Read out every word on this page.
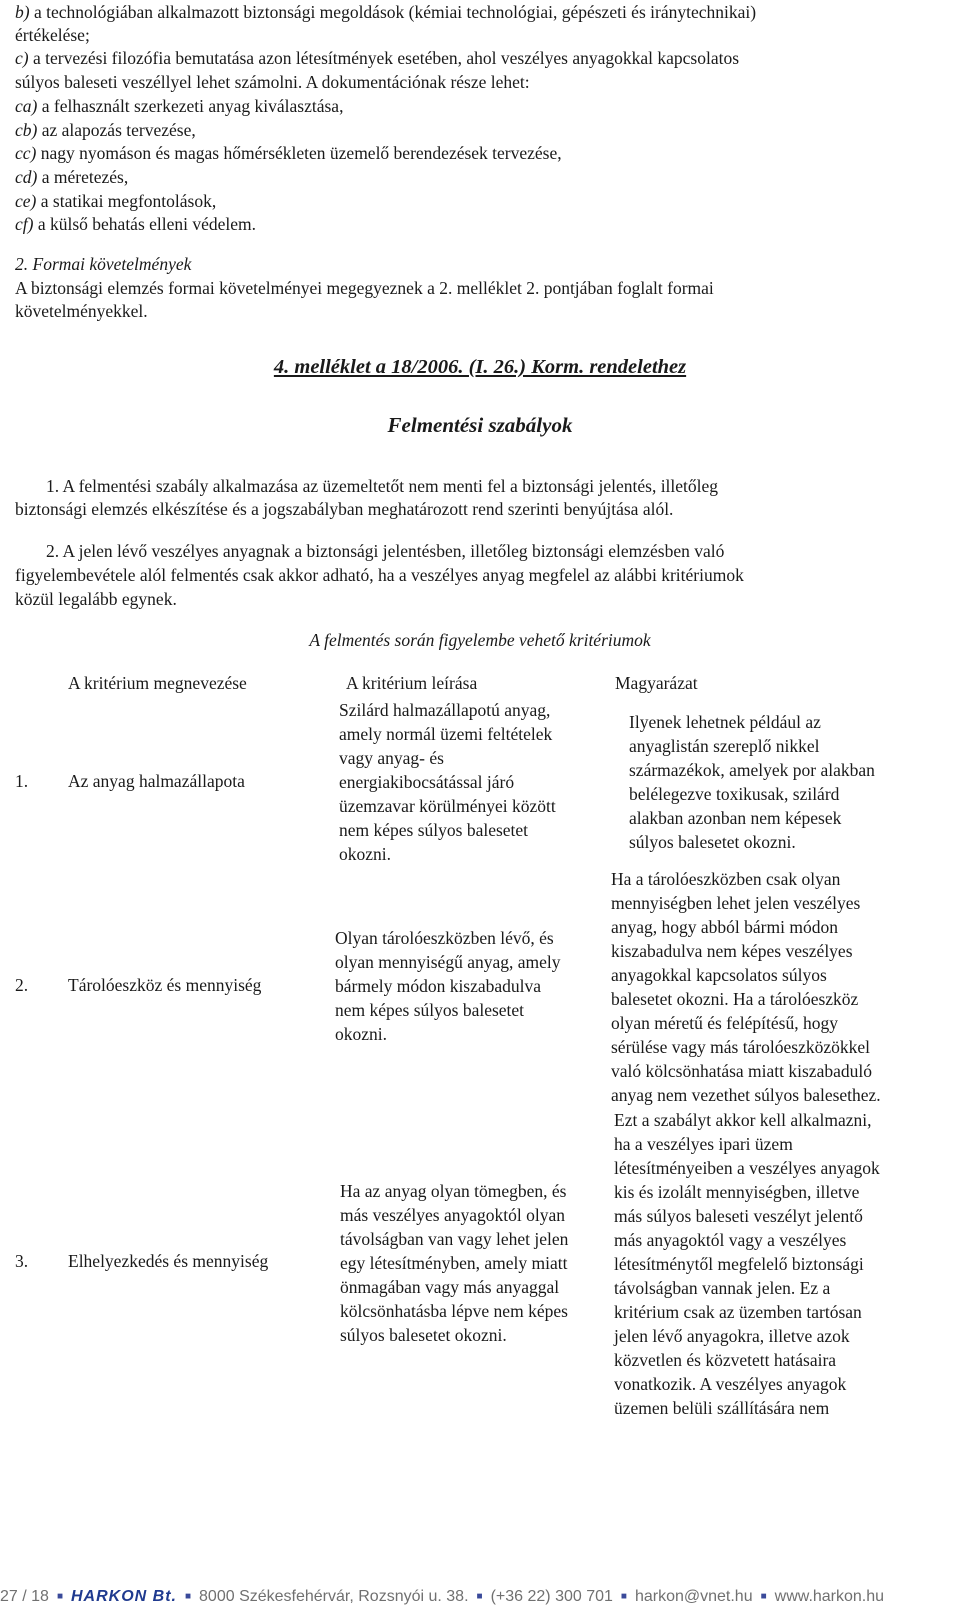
b) a technológiában alkalmazott biztonsági megoldások (kémiai technológiai, gépészeti és iránytechnikai)
értékelése;
c) a tervezési filozófia bemutatása azon létesítmények esetében, ahol veszélyes anyagokkal kapcsolatos
súlyos baleseti veszéllyel lehet számolni. A dokumentációnak része lehet:
ca) a felhasznált szerkezeti anyag kiválasztása,
cb) az alapozás tervezése,
cc) nagy nyomáson és magas hőmérsékleten üzemelő berendezések tervezése,
cd) a méretezés,
ce) a statikai megfontolások,
cf) a külső behatás elleni védelem.
2. Formai követelmények
A biztonsági elemzés formai követelményei megegyeznek a 2. melléklet 2. pontjában foglalt formai
követelményekkel.
4. melléklet a 18/2006. (I. 26.) Korm. rendelethez
Felmentési szabályok
1. A felmentési szabály alkalmazása az üzemeltetőt nem menti fel a biztonsági jelentés, illetőleg
biztonsági elemzés elkészítése és a jogszabályban meghatározott rend szerinti benyújtása alól.
2. A jelen lévő veszélyes anyagnak a biztonsági jelentésben, illetőleg biztonsági elemzésben való
figyelembevétele alól felmentés csak akkor adható, ha a veszélyes anyag megfelel az alábbi kritériumok
közül legalább egynek.
A felmentés során figyelembe vehető kritériumok
A kritérium megnevezése	A kritérium leírása	Magyarázat
1. Az anyag halmazállapota
Szilárd halmazállapotú anyag,
amely normál üzemi feltételek
vagy anyag- és
energiakibocsátással járó
üzemzavar körülményei között
nem képes súlyos balesetet
okozni.
Ilyenek lehetnek például az
anyaglistán szereplő nikkel
származékok, amelyek por alakban
belélegezve toxikusak, szilárd
alakban azonban nem képesek
súlyos balesetet okozni.
2. Tárolóeszköz és mennyiség
Olyan tárolóeszközben lévő, és
olyan mennyiségű anyag, amely
bármely módon kiszabadulva
nem képes súlyos balesetet
okozni.
Ha a tárolóeszközben csak olyan
mennyiségben lehet jelen veszélyes
anyag, hogy abból bármi módon
kiszabadulva nem képes veszélyes
anyagokkal kapcsolatos súlyos
balesetet okozni. Ha a tárolóeszköz
olyan méretű és felépítésű, hogy
sérülése vagy más tárolóeszközökkel
való kölcsönhatása miatt kiszabaduló
anyag nem vezethet súlyos balesethez.
3. Elhelyezkedés és mennyiség
Ha az anyag olyan tömegben, és
más veszélyes anyagoktól olyan
távolságban van vagy lehet jelen
egy létesítményben, amely miatt
önmagában vagy más anyaggal
kölcsönhatásba lépve nem képes
súlyos balesetet okozni.
Ezt a szabályt akkor kell alkalmazni,
ha a veszélyes ipari üzem
létesítményeiben a veszélyes anyagok
kis és izolált mennyiségben, illetve
más súlyos baleseti veszélyt jelentő
más anyagoktól vagy a veszélyes
létesítménytől megfelelő biztonsági
távolságban vannak jelen. Ez a
kritérium csak az üzemben tartósan
jelen lévő anyagokra, illetve azok
közvetlen és közvetett hatásaira
vonatkozik. A veszélyes anyagok
üzemen belüli szállítására nem
27 / 18 ■ HARKON Bt. ■ 8000 Székesfehérvár, Rozsnyói u. 38. ■ (+36 22) 300 701 ■ harkon@vnet.hu ■ www.harkon.hu
